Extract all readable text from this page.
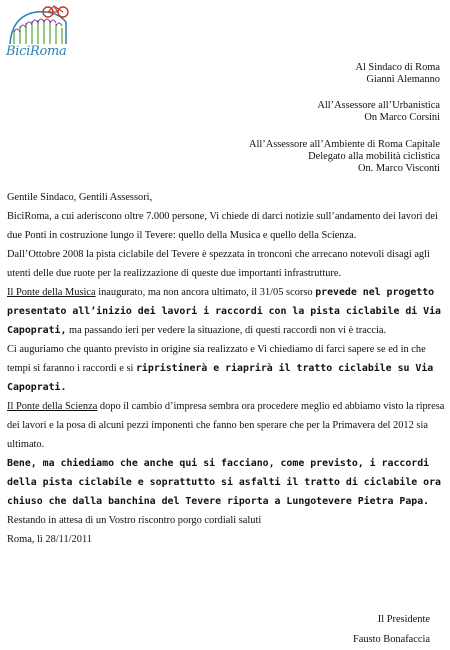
BiciRoma
Al Sindaco di Roma
Gianni Alemanno
All’Assessore all’Urbanistica
On Marco Corsini
All’Assessore all’Ambiente di Roma Capitale
Delegato alla mobilità ciclistica
On. Marco Visconti

Gentile Sindaco, Gentili Assessori,

BiciRoma, a cui aderiscono oltre 7.000 persone, Vi chiede di darci notizie sull’andamento dei lavori dei due Ponti in costruzione lungo il Tevere: quello della Musica e quello della Scienza.

Dall’Ottobre 2008 la pista ciclabile del Tevere è spezzata in tronconi che arrecano notevoli disagi agli utenti delle due ruote per la realizzazione di queste due importanti infrastrutture.

Il Ponte della Musica inaugurato, ma non ancora ultimato, il 31/05 scorso prevede nel progetto presentato all’inizio dei lavori i raccordi con la pista ciclabile di Via Capoprati, ma passando ieri per vedere la situazione, di questi raccordi non vi è traccia.

Ci auguriamo che quanto previsto in origine sia realizzato e Vi chiediamo di farci sapere se ed in che tempi si faranno i raccordi e si ripristinerà e riaprirà il tratto ciclabile su Via Capoprati.

Il Ponte della Scienza dopo il cambio d’impresa sembra ora procedere meglio ed abbiamo visto la ripresa dei lavori e la posa di alcuni pezzi imponenti che fanno ben sperare che per la Primavera del 2012 sia ultimato.

Bene, ma chiediamo che anche qui si facciano, come previsto, i raccordi della pista ciclabile e soprattutto si asfalti il tratto di ciclabile ora chiuso che dalla banchina del Tevere riporta a Lungotevere Pietra Papa.

Restando in attesa di un Vostro riscontro porgo cordiali saluti

Roma, lì 28/11/2011

Il Presidente
Fausto Bonafaccia
